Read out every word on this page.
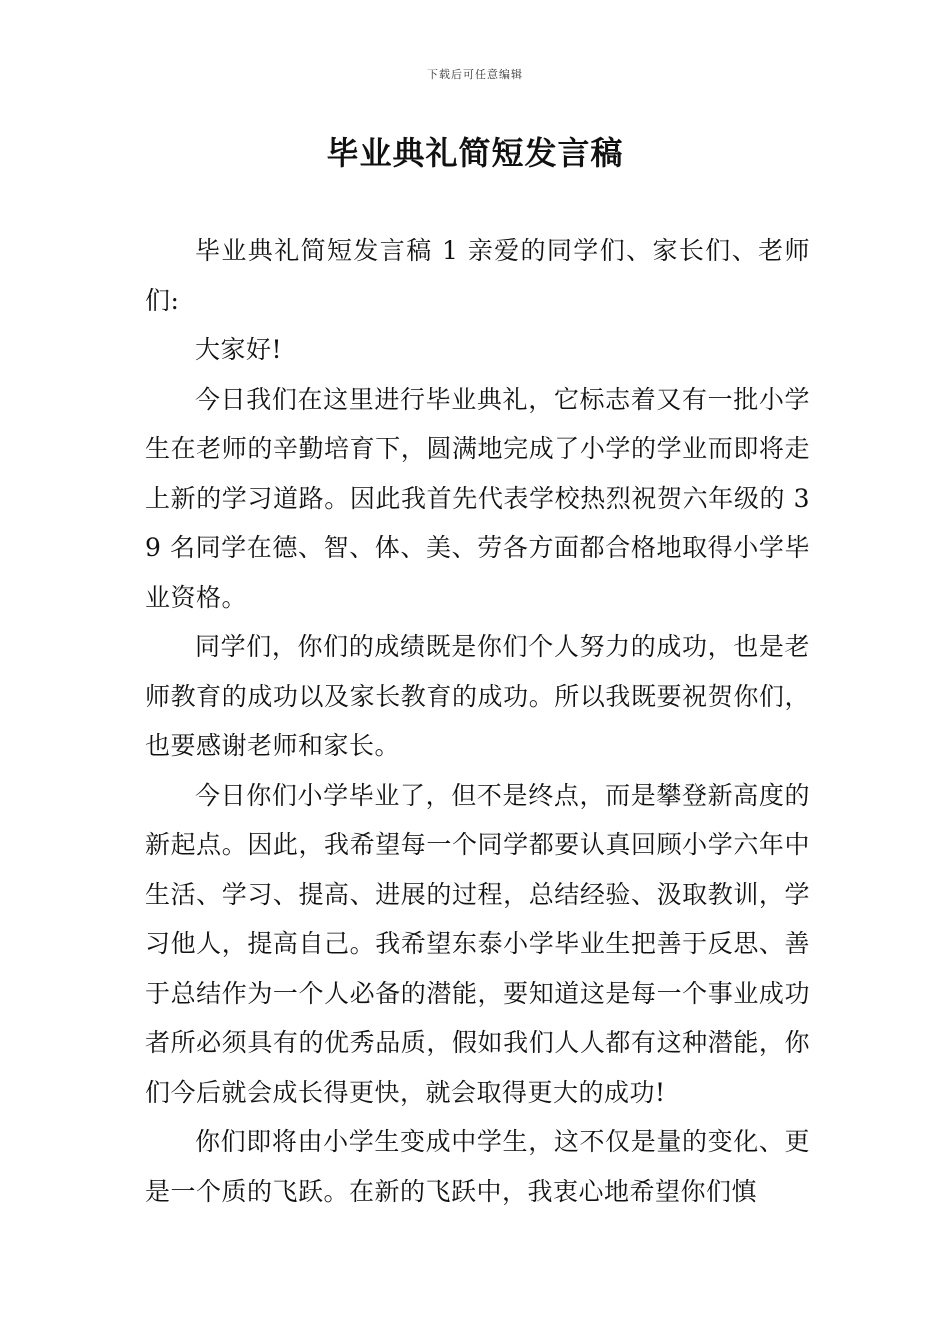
下载后可任意编辑
毕业典礼简短发言稿

毕业典礼简短发言稿 1 亲爱的同学们、家长们、老师们:

大家好!

今日我们在这里进行毕业典礼，它标志着又有一批小学生在老师的辛勤培育下，圆满地完成了小学的学业而即将走上新的学习道路。因此我首先代表学校热烈祝贺六年级的 39 名同学在德、智、体、美、劳各方面都合格地取得小学毕业资格。

同学们，你们的成绩既是你们个人努力的成功，也是老师教育的成功以及家长教育的成功。所以我既要祝贺你们，也要感谢老师和家长。

今日你们小学毕业了，但不是终点，而是攀登新高度的新起点。因此，我希望每一个同学都要认真回顾小学六年中生活、学习、提高、进展的过程，总结经验、汲取教训，学习他人，提高自己。我希望东泰小学毕业生把善于反思、善于总结作为一个人必备的潜能，要知道这是每一个事业成功者所必须具有的优秀品质，假如我们人人都有这种潜能，你们今后就会成长得更快，就会取得更大的成功!

你们即将由小学生变成中学生，这不仅是量的变化、更是一个质的飞跃。在新的飞跃中，我衷心地希望你们慎
